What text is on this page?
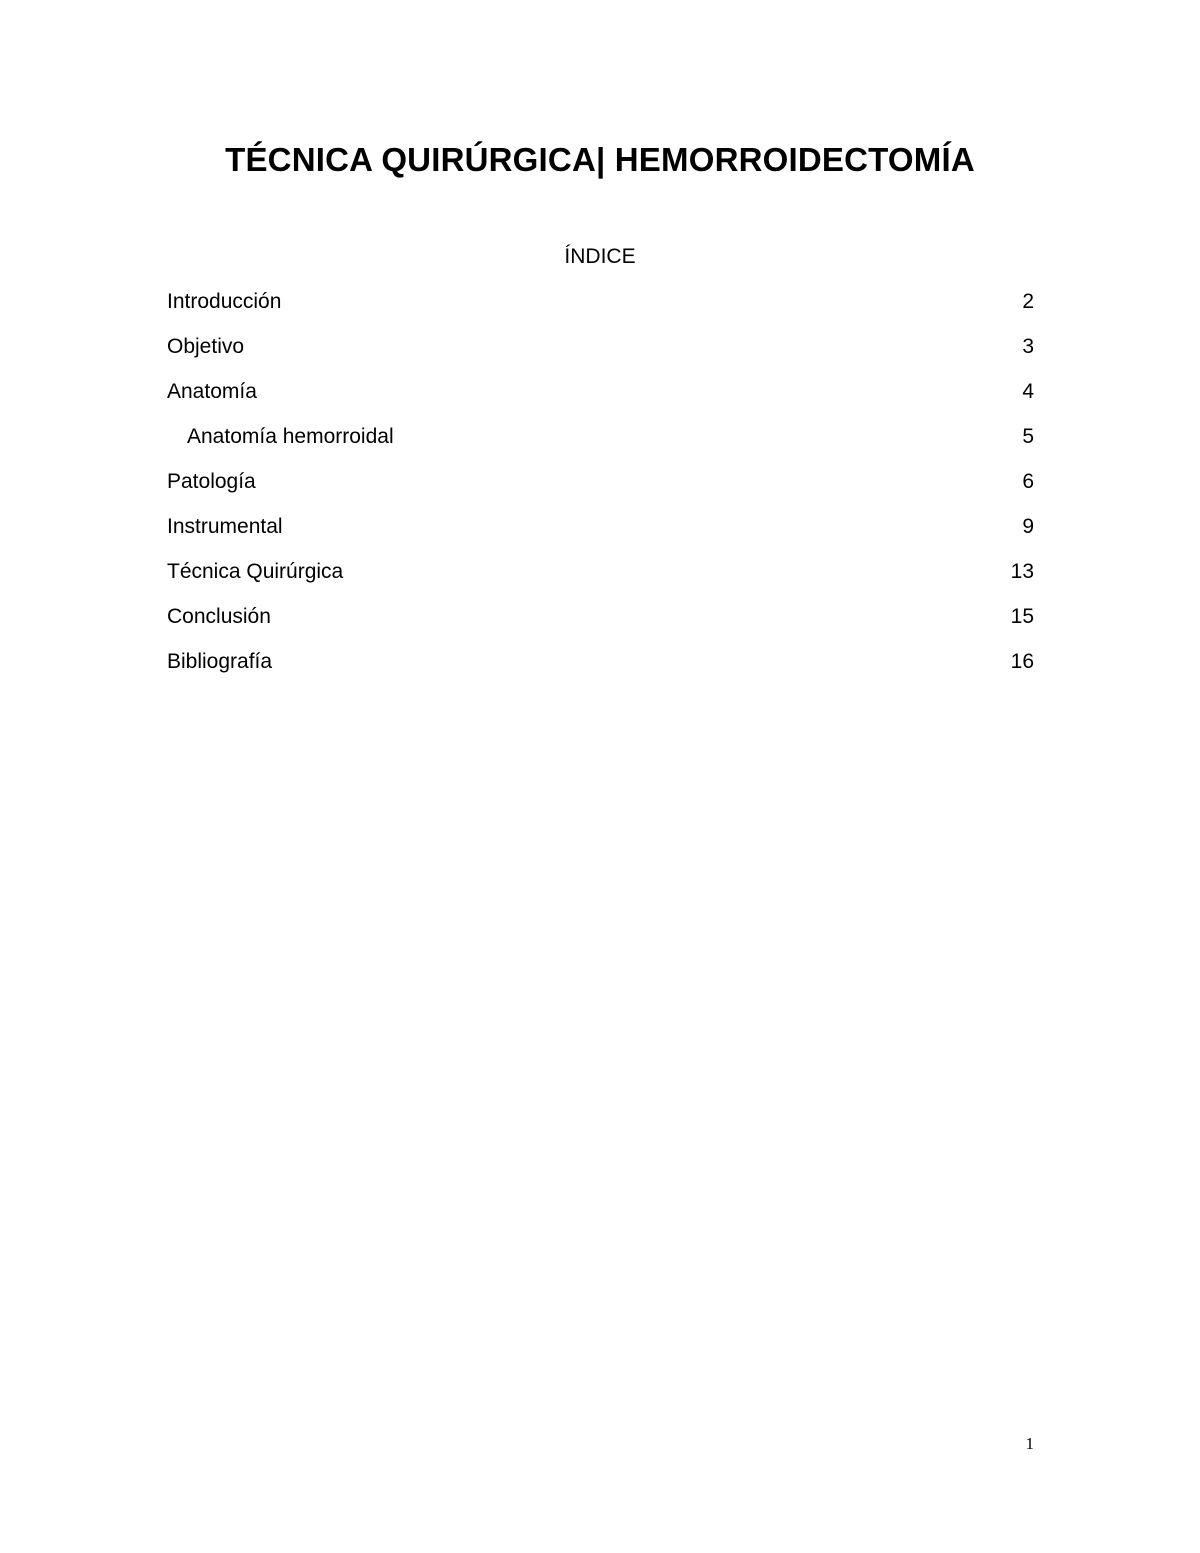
TÉCNICA QUIRÚRGICA| HEMORROIDECTOMÍA
ÍNDICE
Introducción	2
Objetivo	3
Anatomía	4
Anatomía hemorroidal	5
Patología	6
Instrumental	9
Técnica Quirúrgica	13
Conclusión	15
Bibliografía	16
1
